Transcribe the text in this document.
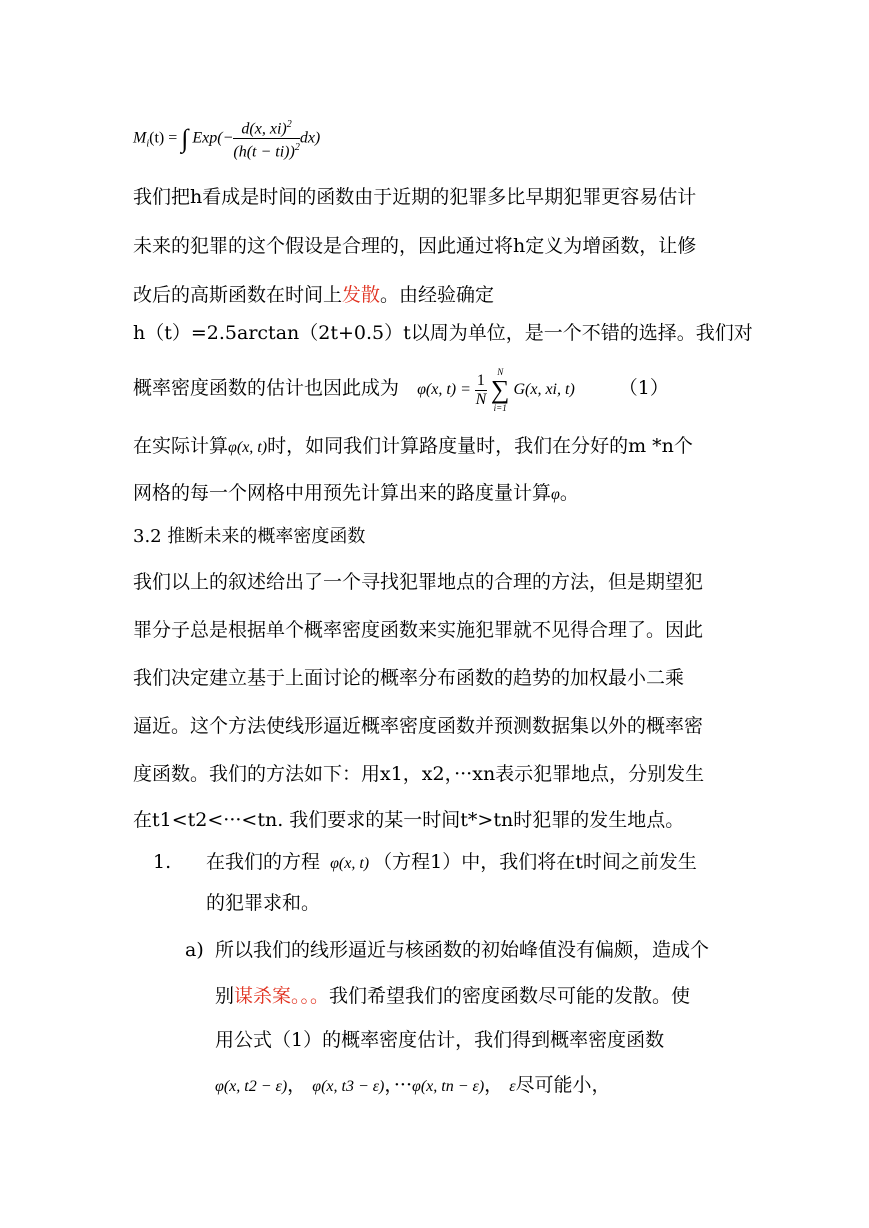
$M_i(t)$ = ∫ $Exp(- \frac{d(x, xi)^2}{(h(t - ti))^2} dx)$
我们把h看成是时间的函数由于近期的犯罪多比早期犯罪更容易估计
未来的犯罪的这个假设是合理的，因此通过将h定义为增函数，让修
改后的高斯函数在时间上发散。由经验确定
h（t）=2.5arctan（2t+0.5）t以周为单位，是一个不错的选择。我们对
概率密度函数的估计也因此成为 φ(x, $t) = \frac{1}{N}$
	N
∑
i=1
G(x, xi, t) （1）
在实际计算φ(x, t)时，如同我们计算路度量时，我们在分好的m *n个
网格的每一个网格中用预先计算出来的路度量计算φ。
3.2 推断未来的概率密度函数
我们以上的叙述给出了一个寻找犯罪地点的合理的方法，但是期望犯
罪分子总是根据单个概率密度函数来实施犯罪就不见得合理了。因此
我们决定建立基于上面讨论的概率分布函数的趋势的加权最小二乘
逼近。这个方法使线形逼近概率密度函数并预测数据集以外的概率密
度函数。我们的方法如下：用x1，x2，···xn表示犯罪地点，分别发生
在t1<t2<···<tn. 我们要求的某一时间t*>tn时犯罪的发生地点。
1. 在我们的方程 φ(x, t) （方程1）中，我们将在t时间之前发生
的犯罪求和。
a) 所以我们的线形逼近与核函数的初始峰值没有偏颇，造成个
别谋杀案。。。我们希望我们的密度函数尽可能的发散。使
用公式（1）的概率密度估计，我们得到概率密度函数
φ(x, t2 − ε)， φ(x, t3 − ε)，···φ(x, tn − ε)， ε尽可能小，
